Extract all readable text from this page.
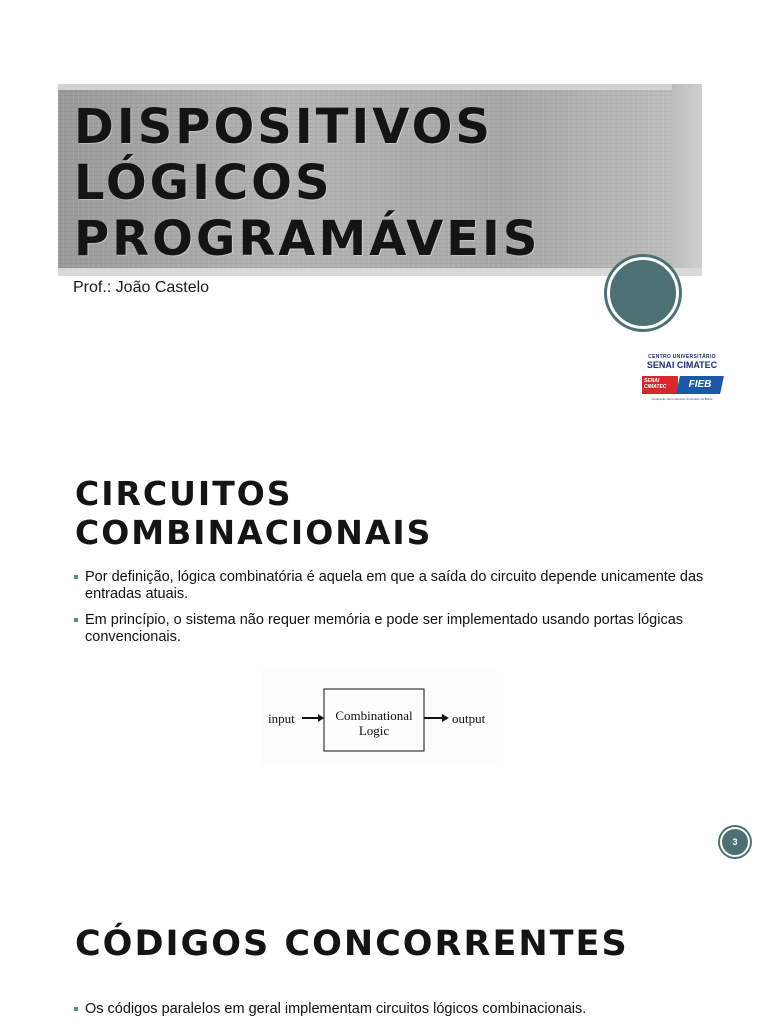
DISPOSITIVOS
LÓGICOS
PROGRAMÁVEIS
Prof.: João Castelo
CENTRO UNIVERSITÁRIO
SENAI CIMATEC
SENAI CIMATEC	FIEB
Federação das Indústrias do Estado da Bahia
CIRCUITOS
COMBINACIONAIS
Por definição, lógica combinatória é aquela em que a saída do circuito depende unicamente das entradas atuais.
Em princípio, o sistema não requer memória e pode ser implementado usando portas lógicas convencionais.
input	Combinational
Logic
output
3
CÓDIGOS CONCORRENTES
Os códigos paralelos em geral implementam circuitos lógicos combinacionais.
